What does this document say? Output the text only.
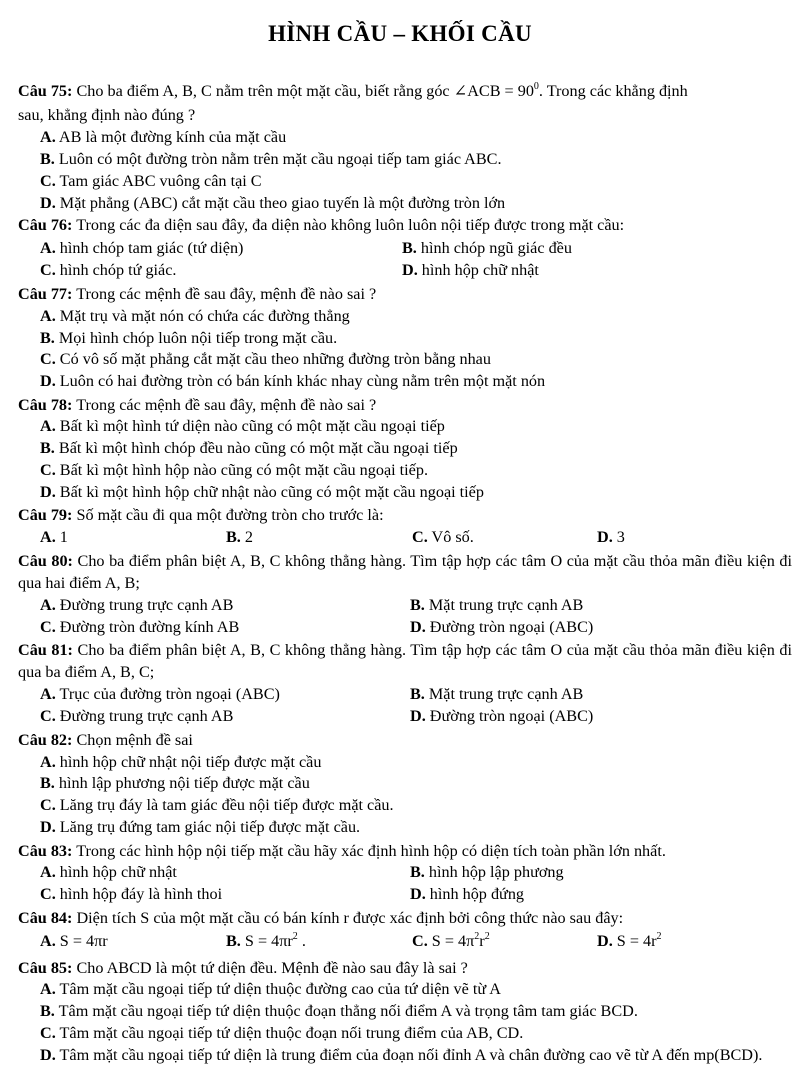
HÌNH CẦU – KHỐI CẦU
Câu 75: Cho ba điểm A, B, C nằm trên một mặt cầu, biết rằng góc ∠ACB = $90^0$. Trong các khẳng định
sau, khẳng định nào đúng ?
A. AB là một đường kính của mặt cầu
B. Luôn có một đường tròn nằm trên mặt cầu ngoại tiếp tam giác ABC.
C. Tam giác ABC vuông cân tại C
D. Mặt phẳng (ABC) cắt mặt cầu theo giao tuyến là một đường tròn lớn
Câu 76: Trong các đa diện sau đây, đa diện nào không luôn luôn nội tiếp được trong mặt cầu:
A. hình chóp tam giác (tứ diện)	B. hình chóp ngũ giác đều
C. hình chóp tứ giác.	D. hình hộp chữ nhật
Câu 77: Trong các mệnh đề sau đây, mệnh đề nào sai ?
A. Mặt trụ và mặt nón có chứa các đường thẳng
B. Mọi hình chóp luôn nội tiếp trong mặt cầu.
C. Có vô số mặt phẳng cắt mặt cầu theo những đường tròn bằng nhau
D. Luôn có hai đường tròn có bán kính khác nhay cùng nằm trên một mặt nón
Câu 78: Trong các mệnh đề sau đây, mệnh đề nào sai ?
A. Bất kì một hình tứ diện nào cũng có một mặt cầu ngoại tiếp
B. Bất kì một hình chóp đều nào cũng có một mặt cầu ngoại tiếp
C. Bất kì một hình hộp nào cũng có một mặt cầu ngoại tiếp.
D. Bất kì một hình hộp chữ nhật nào cũng có một mặt cầu ngoại tiếp
Câu 79: Số mặt cầu đi qua một đường tròn cho trước là:
A. 1	B. 2	C. Vô số.	D. 3
Câu 80: Cho ba điểm phân biệt A, B, C không thẳng hàng. Tìm tập hợp các tâm O của mặt cầu thỏa mãn điều kiện đi qua hai điểm A, B;
A. Đường trung trực cạnh AB	B. Mặt trung trực cạnh AB
C. Đường tròn đường kính AB	D. Đường tròn ngoại (ABC)
Câu 81: Cho ba điểm phân biệt A, B, C không thẳng hàng. Tìm tập hợp các tâm O của mặt cầu thỏa mãn điều kiện đi qua ba điểm A, B, C;
A. Trục của đường tròn ngoại (ABC)	B. Mặt trung trực cạnh AB
C. Đường trung trực cạnh AB	D. Đường tròn ngoại (ABC)
Câu 82: Chọn mệnh đề sai
A. hình hộp chữ nhật nội tiếp được mặt cầu
B. hình lập phương nội tiếp được mặt cầu
C. Lăng trụ đáy là tam giác đều nội tiếp được mặt cầu.
D. Lăng trụ đứng tam giác nội tiếp được mặt cầu.
Câu 83: Trong các hình hộp nội tiếp mặt cầu hãy xác định hình hộp có diện tích toàn phần lớn nhất.
A. hình hộp chữ nhật	B. hình hộp lập phương
C. hình hộp đáy là hình thoi	D. hình hộp đứng
Câu 84: Diện tích S của một mặt cầu có bán kính r được xác định bởi công thức nào sau đây:
A. S = 4πr	B. $S = 4\pi r^2$ .	C. $S = 4\pi^2r^2$	D. $S = 4r^2$
Câu 85: Cho ABCD là một tứ diện đều. Mệnh đề nào sau đây là sai ?
A. Tâm mặt cầu ngoại tiếp tứ diện thuộc đường cao của tứ diện vẽ từ A
B. Tâm mặt cầu ngoại tiếp tứ diện thuộc đoạn thẳng nối điểm A và trọng tâm tam giác BCD.
C. Tâm mặt cầu ngoại tiếp tứ diện thuộc đoạn nối trung điểm của AB, CD.
D. Tâm mặt cầu ngoại tiếp tứ diện là trung điểm của đoạn nối đỉnh A và chân đường cao vẽ từ A đến mp(BCD).
